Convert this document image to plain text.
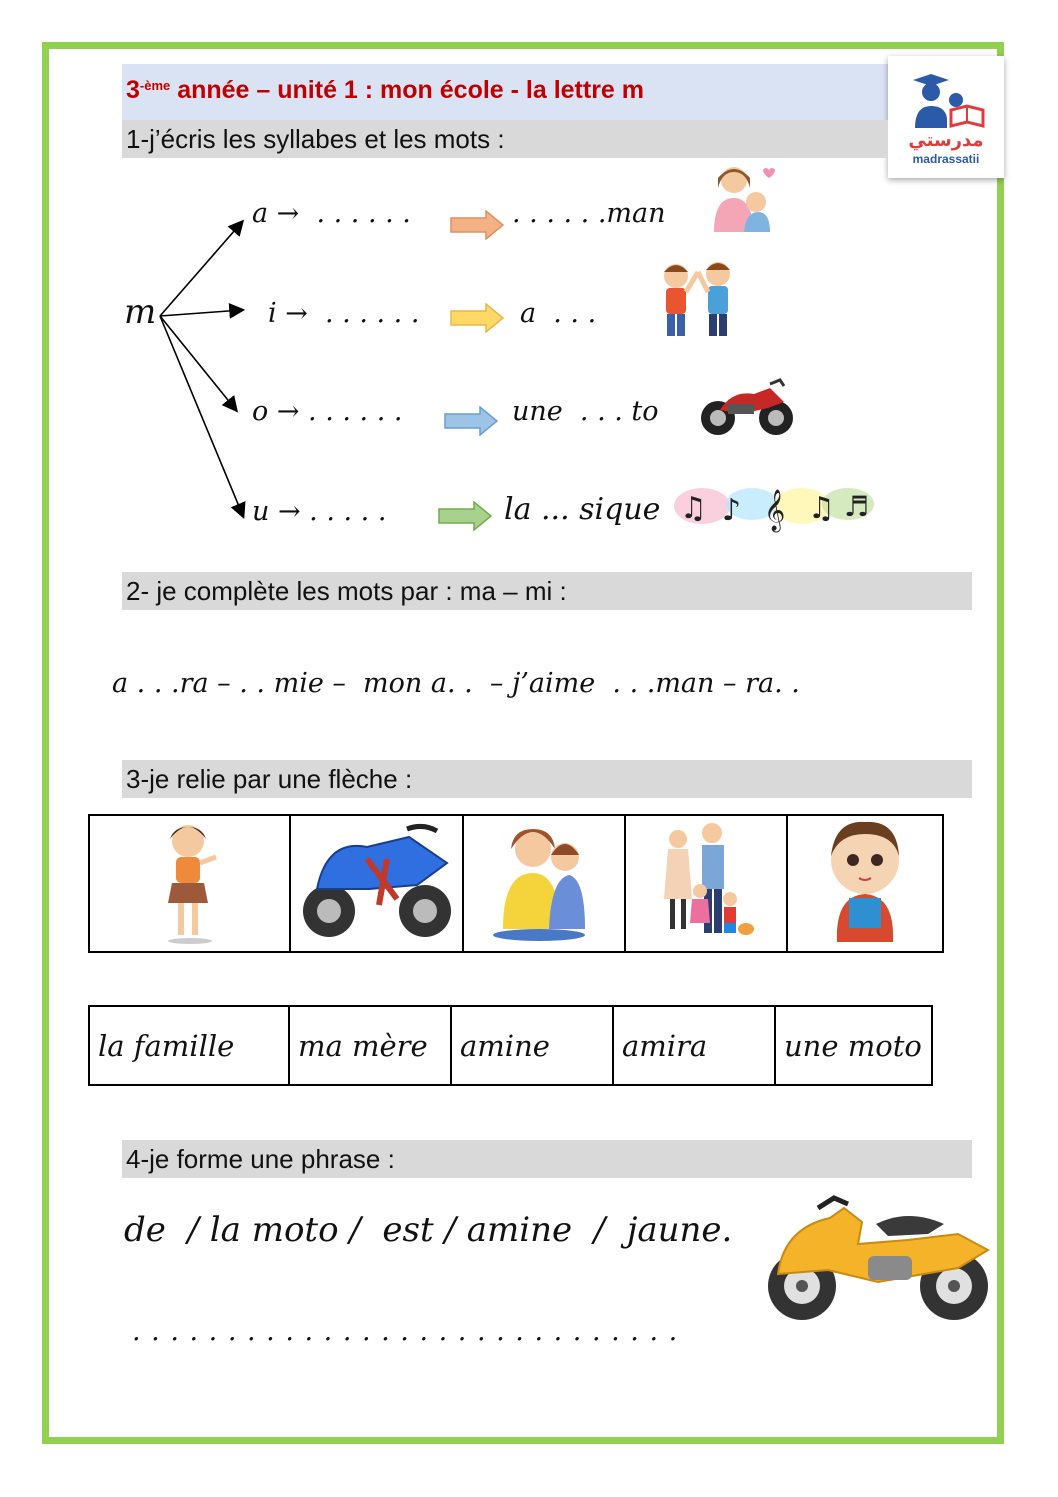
$3^{-ème}$ année – unité 1 : mon école - la lettre m
مدرستي
madrassatii
1-j’écris les syllabes et les mots :
m
a →  . . . . . .	. . . . . .man
i →  . . . . . .	a  . . .
o → . . . . . .	une  . . . to
u → . . . . .	la ... sique ♫ ♪ 𝄞 ♫ ♬
2- je complète les mots par : ma – mi :
a . . .ra – . . mie –  mon a. .  – j’aime  . . .man – ra. .
3-je relie par une flèche :

la famille	ma mère	amine	amira	une moto
4-je forme une phrase :
de  / la moto /  est / amine  /  jaune.
. . . . . . . . . . . . . . . . . . . . . . . . . . . . .
